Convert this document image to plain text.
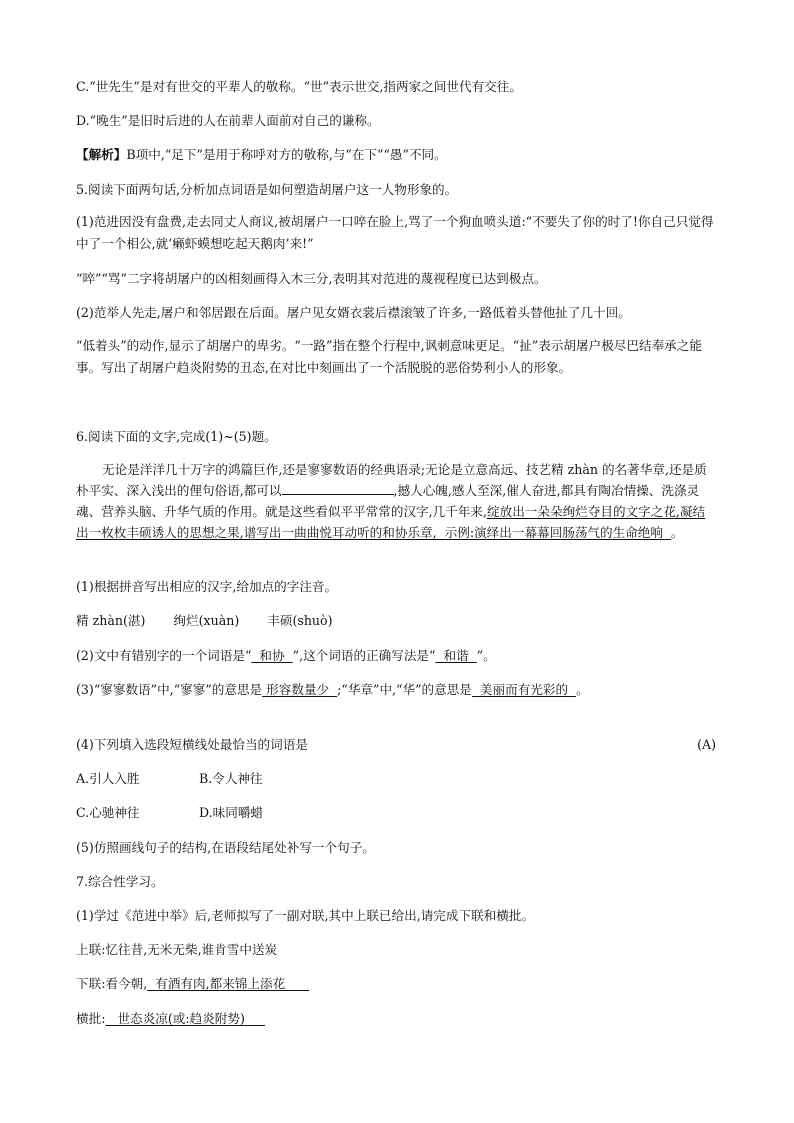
C.“世先生”是对有世交的平辈人的敬称。“世”表示世交,指两家之间世代有交往。
D.“晚生”是旧时后进的人在前辈人面前对自己的谦称。
【解析】B项中,“足下”是用于称呼对方的敬称,与“在下”“愚”不同。
5.阅读下面两句话,分析加点词语是如何塑造胡屠户这一人物形象的。
(1)范进因没有盘费,走去同丈人商议,被胡屠户一口啐在脸上,骂了一个狗血喷头道:“不要失了你的时了!你自己只觉得中了一个相公,就‘癞虾蟆想吃起天鹅肉’来!”
“啐”“骂”二字将胡屠户的凶相刻画得入木三分,表明其对范进的蔑视程度已达到极点。
(2)范举人先走,屠户和邻居跟在后面。屠户见女婿衣裳后襟滚皱了许多,一路低着头替他扯了几十回。
“低着头”的动作,显示了胡屠户的卑劣。“一路”指在整个行程中,讽刺意味更足。“扯”表示胡屠户极尽巴结奉承之能事。写出了胡屠户趋炎附势的丑态,在对比中刻画出了一个活脱脱的恶俗势利小人的形象。
6.阅读下面的文字,完成(1)~(5)题。
无论是洋洋几十万字的鸿篇巨作,还是寥寥数语的经典语录;无论是立意高远、技艺精 zhàn 的名著华章,还是质朴平实、深入浅出的俚句俗语,都可以	,撼人心魄,感人至深,催人奋进,都具有陶冶情操、洗涤灵魂、营养头脑、升华气质的作用。就是这些看似平平常常的汉字,几千年来,绽放出一朵朵绚烂夺目的文字之花,凝结出一枚枚丰硕诱人的思想之果,谱写出一曲曲悦耳动听的和协乐章, 示例:演绎出一幕幕回肠荡气的生命绝响 。
(1)根据拼音写出相应的汉字,给加点的字注音。
精 zhàn(湛) 绚烂(xuàn) 丰硕(shuò)
(2)文中有错别字的一个词语是“ 和协 ”,这个词语的正确写法是“ 和谐 ”。
(3)“寥寥数语”中,“寥寥”的意思是 形容数量少 ;“华章”中,“华”的意思是 美丽而有光彩的 。
(4)下列填入选段短横线处最恰当的词语是	(A)
A.引人入胜	B.令人神往
C.心驰神往	D.味同嚼蜡
(5)仿照画线句子的结构,在语段结尾处补写一个句子。
7.综合性学习。
(1)学过《范进中举》后,老师拟写了一副对联,其中上联已给出,请完成下联和横批。
上联:忆往昔,无米无柴,谁肯雪中送炭
下联:看今朝, 有酒有肉,都来锦上添花
横批: 世态炎凉(或:趋炎附势)
